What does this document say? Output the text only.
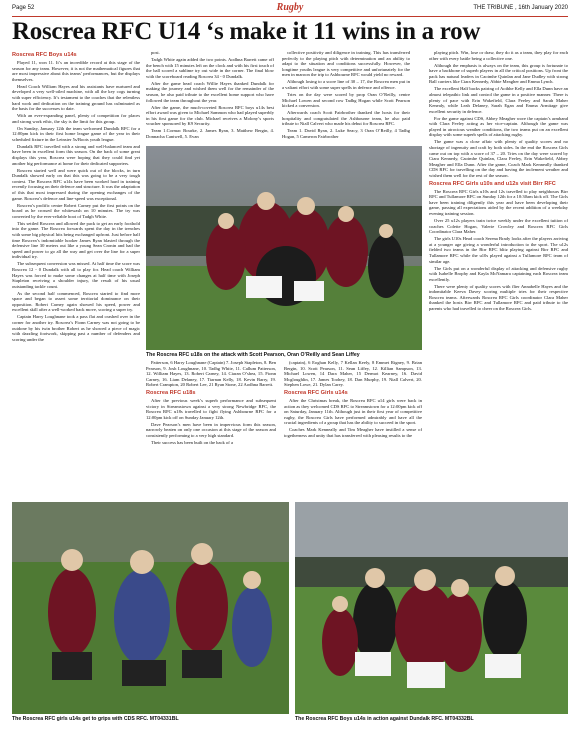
Page 52	Rugby	THE TRIBUNE , 16th January 2020
Roscrea RFC U14 ‘s make it 11 wins in a row
Roscrea RFC Boys u14s

Played 11, won 11. It’s an incredible record at this stage of the season for any team. However, it is not the mathematical figures that are most impressive about this teams’ performances, but the displays themselves.

Head Coach William Hayes and his assistants have nurtured and developed a very well-oiled machine, with all the key cogs turning with super efficiency. It’s testament to the coaches that the relentless hard work and dedication on the training ground has culminated as the basis for the successes to date.

With an ever-expanding panel, plenty of competition for places and strong work ethic, the sky is the limit for this group.

On Sunday, January 12th the team welcomed Dundalk RFC for a 12:00pm kick in their first home league game of the year in their scheduled fixture in the Leinster 5s/Boots youth league.

Dundalk RFC travelled with a strong and well-balanced team and have been in excellent form this season. On the back of some great displays this year, Roscrea were hoping that they could find yet another big performance at home for their dedicated supporters.

Roscrea started well and were quick out of the blocks, in turn Dundalk showed early on that this was going to be a very tough contest. The Roscrea RFC u14s have been worked hard in training recently focusing on their defence and structure. It was the adaptation of this that most impressed during the opening exchanges of the game. Roscrea’s defence and line-speed was exceptional.

Roscrea’s prolific centre Robert Carney put the first points on the board as he crossed the whitewash on 10 minutes. The try was converted by the ever-reliable boot of Tadgh White.

This settled Roscrea and allowed the pack to get an early foothold into the game. The Roscrea forwards spent the day in the trenches with some big physical hits being exchanged upfront. Just before half time Roscrea’s indomitable hooker James Ryan blasted through the defensive line 30 meters out like a young Sean Cronin and had the speed and power to go all the way and get over the line for a super individual try.

The subsequent conversion was missed. At half time the score was Roscrea 12 - 0 Dundalk with all to play for. Head coach William Hayes was forced to make some changes at half time with Joseph Stapleton receiving a shoulder injury, the result of his usual outstanding tackle count.

As the second half commenced, Roscrea started to find more space and began to assert some territorial dominance on their opposition. Robert Carney again showed his speed, power and excellent skill after a well-worked back move, scoring a super try.

Captain Harry Loughnane took a pass flat and crashed over in the corner for another try. Roscrea’s Fionn Carney was not going to be outdone by his twin brother Robert as he showed a piece of magic with dazzling footwork, skipping past a number of defenders and scoring under the

post.

Tadgh White again added the two points. Aodhna Barrett came off the bench with 15 minutes left on the clock and with his first touch of the ball scored a sublime try out wide in the corner. The final blow with the scoreboard reading Roscrea 34 - 0 Dundalk.

After the game head coach Willie Hayes thanked Dundalk for making the journey and wished them well for the remainder of the season, he also paid tribute to the excellent home support who have followed the team throughout the year.

After the game, the much-coveted Roscrea RFC boys u14s best effort award was given to Michael Sammon who had played superbly in his first game for the club. Michael receives a Molony’s sports voucher sponsored by K9 Security.

Team 1.Cormac Bourke, 2. James Ryan, 3. Matthew Bergin, 4. Donnacha Cantwell, 5. Evan

collective positivity and diligence in training. This has transferred perfectly to the playing pitch with determination and an ability to adapt to the situation and conditions successfully. However, the longtime youths league is very competitive and unfortunately for the men in maroon the trip to Ashbourne RFC would yield no reward.

Although losing to a score line of 30 – 17, the Roscrea men put in a valiant effort with some super spells in defence and offence.

Tries on the day were scored by prop Oran O’Reilly, centre Michael Lowen and second row Tadhg Hogan while Scott Pearson kicked a conversion.

Afterwards coach Scott Fairbrother thanked the hosts for their hospitality and congratulated the Ashbourne team, he also paid tribute to Niall Calvert who made his debut for Roscrea RFC.

Team 1. David Ryan, 2. Luke Seacy, 3 Oran O’Reilly, 4 Tadhg Hogan, 5 Cameron Fairbrother

playing pitch. Win, lose or draw, they do it as a team, they play for each other with every battle being a collective one.

Although the emphasis is always on the team, this group is fortunate to have a backbone of superb players in all the critical positions. Up front the pack has natural leaders in Caoimhe Quinlan and Jane Dudley with strong Ball carriers like Ciara Kennedy, Abbie Meagher and Emma Lynch.

The excellent Half backs pairing of Aoibhe Kelly and Ella Dunn have an almost telepathic link and control the game in a positive manner. There is plenty of pace with Erin Wakefield, Clara Feeley and Sarah Maher Kenealy, while Leah Delaney, Sarah Egan and Emma Armitage give excellent security in defence.

For the game against CDS, Abbey Meagher wore the captain’s armband with Clara Feeley acting as her vice-captain. Although the game was played in atrocious weather conditions, the two teams put on an excellent display with some superb spells of attacking rugby.

The game was a close affair with plenty of quality scores and no shortage of ingenuity and craft by both sides. In the end the Roscrea Girls came out on top with a score of 37 – 20. Tries on the day were scored by Ciara Kennedy, Caoimhe Quinlan, Clara Feeley, Erin Wakefield, Abbey Meagher and Ella Dunn. After the game, Coach Mark Kenneally thanked CDS RFC for travelling on the day and having the inclement weather and wished them well for the rest of the season.

Roscrea RFC Girls u10s and u12s visit Birr RFC

The Roscrea RFC Girls u10s and 12s travelled to play neighbours Birr RFC and Tullamore RFC on Sunday 12th for a 10:30am kick off. The Girls have been training diligently this year and have been developing their game, passing all expectations aided by the recent addition of a weekday evening training session.

Over 25 u12s players train twice weekly under the excellent tuition of coaches Colette Hogan, Valerie Crowley and Roscrea RFC Girls Coordinator Clara Maher.

The girls U10s Head coach Serena Brady looks after the players arriving at a younger age giving a wonderful introduction to the sport. The u12s fielded two teams in the Birr RFC blitz playing against Birr RFC and Tullamore RFC while the u10s played against a Tullamore RFC team of similar age.

The Girls put on a wonderful display of attacking and defensive rugby with Isabelle Brophy and Kayla McNamara captaining each Roscrea team excellently.

There were plenty of quality scores with flier Annabelle Hayes and the indomitable Keeva Davey scoring multiple tries for their respective Roscrea teams. Afterwards Roscrea RFC Girls coordinator Clara Maher thanked the hosts Birr RFC and Tullamore RFC and paid tribute to the parents who had travelled to cheer on the Roscrea Girls.

The Roscrea RFC u18s on the attack with Scott Pearson, Oran O’Reilly and Sean Liffey

Patterson, 6 Harry Loughnane (Captain) 7. Joseph Stapleton, 8. Ben Pearson, 9. Josh Loughnane, 10. Tadhg White, 11. Callum Patterson, 12. William Hayes, 13. Robert Carney, 14. Ciaran O’shea, 15. Fionn Carney, 16. Liam Delaney, 17. Tiarnan Kelly, 18. Kevin Barry, 19. Robert Crampton, 20 Robert Lee, 21 Ryan Stone, 22 Aodhna Barrett.

Roscrea RFC u18s

After the previous week’s superb performance and subsequent victory in Streamstown against a very strong Newbridge RFC, the Roscrea RFC u18s travelled to fight flying Ashbourne RFC for a 12:00pm kick off on Sunday January 12th.

Dave Pearson’s men have been in impervious form this season, narrowly beaten on only one occasion at this stage of the season and consistently performing to a very high standard.

Their success has been built on the back of a

(captain), 6 Eoghan Kelly, 7 Kellan Keely, 8 Emmet Rigney, 9. Brian Bergin, 10. Scott Pearson, 11. Sean Liffey, 12. Killian Sampson, 13. Michael Lowen, 14 Dara Maher, 15 Dermot Kearney, 16. David Mcgloughlin, 17. James Toohey, 18. Dan Murphy, 19. Niall Calvert, 20. Stephen Lowe, 21. Dylan Carey.

Roscrea RFC Girls u14s

After the Christmas break, the Roscrea RFC u14 girls were back in action as they welcomed CDS RFC to Streamstown for a 12:00pm kick off on Saturday, January 11th. Although just in their first year of competitive rugby, the Roscrea Girls have performed admirably and have all the crucial ingredients of a group that has the ability to succeed in the sport.

Coaches Mark Kenneally and Tim Meagher have instilled a sense of togetherness and unity that has transferred with pleasing results to the

The Roscrea RFC girls u14s get to grips with CDS RFC. MT04331BL	The Roscrea RFC Boys u14s in action against Dundalk RFC. MT04332BL
